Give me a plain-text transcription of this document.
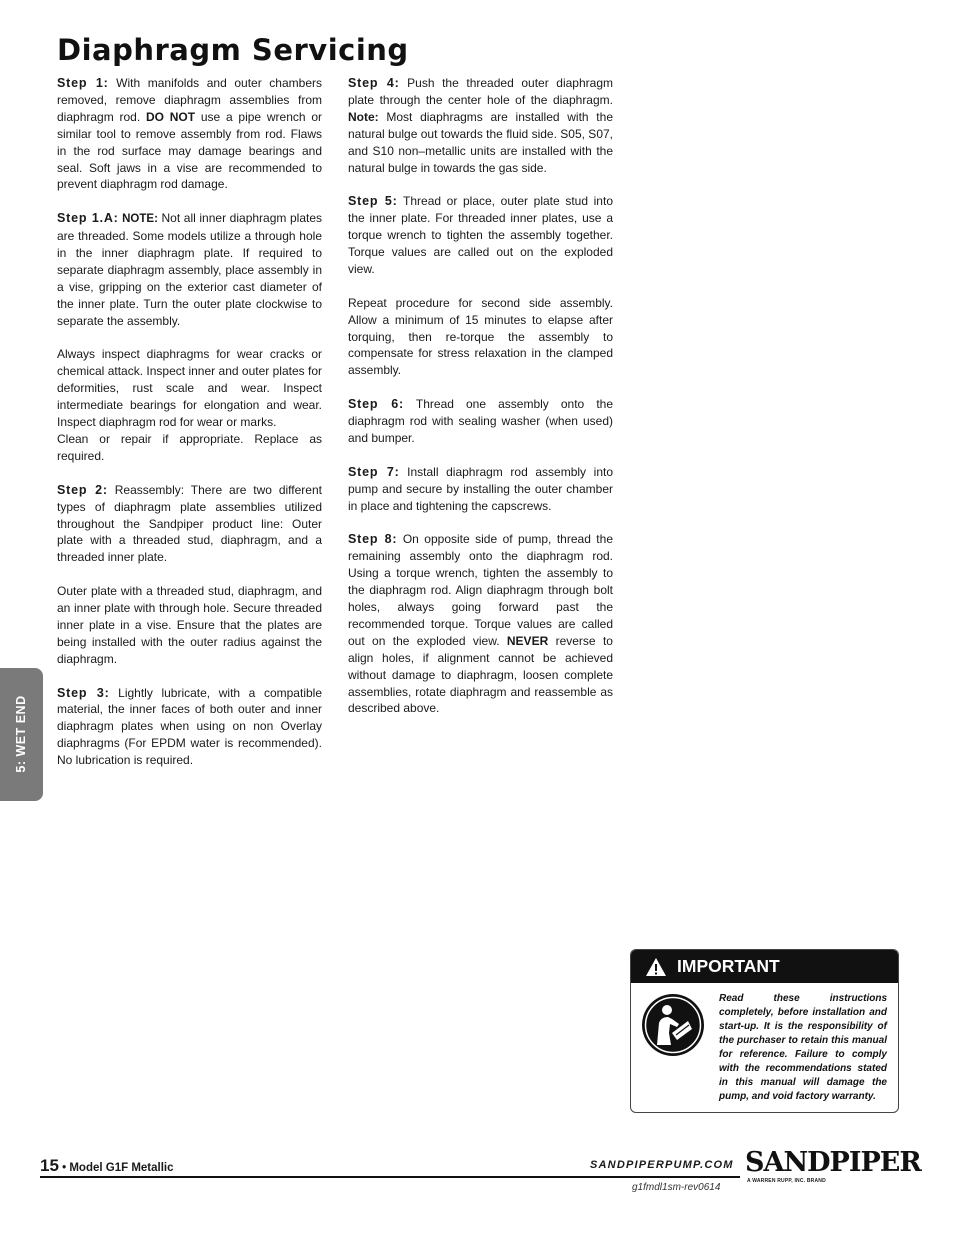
Diaphragm Servicing

Step 1: With manifolds and outer chambers removed, remove diaphragm assemblies from diaphragm rod. DO NOT use a pipe wrench or similar tool to remove assembly from rod. Flaws in the rod surface may damage bearings and seal. Soft jaws in a vise are recommended to prevent diaphragm rod damage.

Step 1.A: NOTE: Not all inner diaphragm plates are threaded. Some models utilize a through hole in the inner diaphragm plate. If required to separate diaphragm assembly, place assembly in a vise, gripping on the exterior cast diameter of the inner plate. Turn the outer plate clockwise to separate the assembly.

Always inspect diaphragms for wear cracks or chemical attack. Inspect inner and outer plates for deformities, rust scale and wear. Inspect intermediate bearings for elongation and wear. Inspect diaphragm rod for wear or marks.

Clean or repair if appropriate. Replace as required.

Step 2: Reassembly: There are two different types of diaphragm plate assemblies utilized throughout the Sandpiper product line: Outer plate with a threaded stud, diaphragm, and a threaded inner plate.

Outer plate with a threaded stud, diaphragm, and an inner plate with through hole. Secure threaded inner plate in a vise. Ensure that the plates are being installed with the outer radius against the diaphragm.

Step 3: Lightly lubricate, with a compatible material, the inner faces of both outer and inner diaphragm plates when using on non Overlay diaphragms (For EPDM water is recommended). No lubrication is required.

Step 4: Push the threaded outer diaphragm plate through the center hole of the diaphragm. Note: Most diaphragms are installed with the natural bulge out towards the fluid side. S05, S07, and S10 non–metallic units are installed with the natural bulge in towards the gas side.

Step 5: Thread or place, outer plate stud into the inner plate. For threaded inner plates, use a torque wrench to tighten the assembly together. Torque values are called out on the exploded view.

Repeat procedure for second side assembly. Allow a minimum of 15 minutes to elapse after torquing, then re-torque the assembly to compensate for stress relaxation in the clamped assembly.

Step 6: Thread one assembly onto the diaphragm rod with sealing washer (when used) and bumper.

Step 7: Install diaphragm rod assembly into pump and secure by installing the outer chamber in place and tightening the capscrews.

Step 8: On opposite side of pump, thread the remaining assembly onto the diaphragm rod. Using a torque wrench, tighten the assembly to the diaphragm rod. Align diaphragm through bolt holes, always going forward past the recommended torque. Torque values are called out on the exploded view. NEVER reverse to align holes, if alignment cannot be achieved without damage to diaphragm, loosen complete assemblies, rotate diaphragm and reassemble as described above.

5: WET END
IMPORTANT
Read these instructions completely, before installation and start-up. It is the responsibility of the purchaser to retain this manual for reference. Failure to comply with the recommendations stated in this manual will damage the pump, and void factory warranty.
15 • Model G1F Metallic	SANDPIPERPUMP.COM
g1fmdl1sm-rev0614
SANDPIPER
A WARREN RUPP, INC. BRAND
